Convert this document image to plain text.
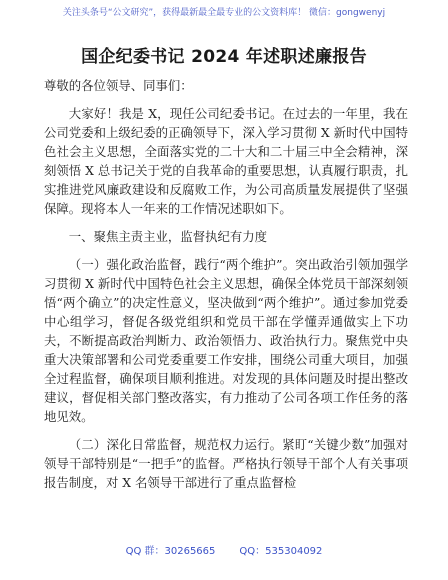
关注头条号“公文研究”，获得最新最全最专业的公文资料库！ 微信：gongwenyj
国企纪委书记 2024 年述职述廉报告
尊敬的各位领导、同事们：
大家好！我是 X，现任公司纪委书记。在过去的一年里，我在公司党委和上级纪委的正确领导下，深入学习贯彻 X 新时代中国特色社会主义思想，全面落实党的二十大和二十届三中全会精神，深刻领悟 X 总书记关于党的自我革命的重要思想，认真履行职责，扎实推进党风廉政建设和反腐败工作，为公司高质量发展提供了坚强保障。现将本人一年来的工作情况述职如下。
一、聚焦主责主业，监督执纪有力度
（一）强化政治监督，践行“两个维护”。突出政治引领加强学习贯彻 X 新时代中国特色社会主义思想，确保全体党员干部深刻领悟“两个确立”的决定性意义，坚决做到“两个维护”。通过参加党委中心组学习，督促各级党组织和党员干部在学懂弄通做实上下功夫，不断提高政治判断力、政治领悟力、政治执行力。聚焦党中央重大决策部署和公司党委重要工作安排，围绕公司重大项目，加强全过程监督，确保项目顺利推进。对发现的具体问题及时提出整改建议，督促相关部门整改落实，有力推动了公司各项工作任务的落地见效。
（二）深化日常监督，规范权力运行。紧盯“关键少数”加强对领导干部特别是“一把手”的监督。严格执行领导干部个人有关事项报告制度，对 X 名领导干部进行了重点监督检
QQ 群：30265665 QQ：535304092
